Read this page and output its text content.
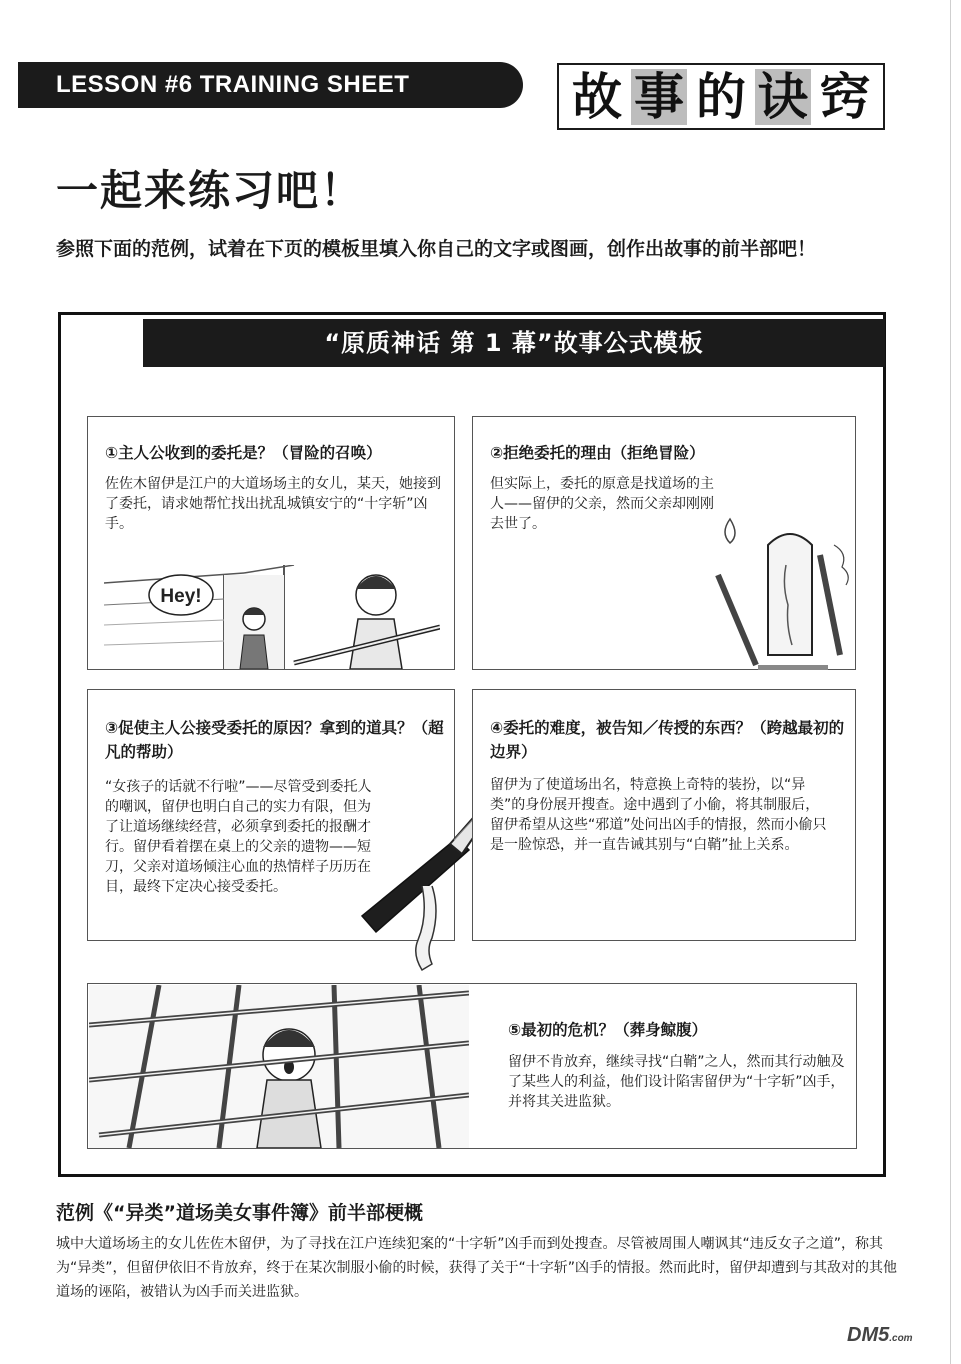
LESSON #6 TRAINING SHEET	故 事 的 诀 窍
一起来练习吧！
参照下面的范例，试着在下页的模板里填入你自己的文字或图画，创作出故事的前半部吧！
“原质神话 第 1 幕”故事公式模板
①主人公收到的委托是？（冒险的召唤）
佐佐木留伊是江户的大道场场主的女儿，某天，她接到了委托，请求她帮忙找出扰乱城镇安宁的“十字斩”凶手。
Hey!
②拒绝委托的理由（拒绝冒险）
但实际上，委托的原意是找道场的主人——留伊的父亲，然而父亲却刚刚去世了。
③促使主人公接受委托的原因？拿到的道具？（超凡的帮助）
“女孩子的话就不行啦”——尽管受到委托人的嘲讽，留伊也明白自己的实力有限，但为了让道场继续经营，必须拿到委托的报酬才行。留伊看着摆在桌上的父亲的遗物——短刀，父亲对道场倾注心血的热情样子历历在目，最终下定决心接受委托。
④委托的难度，被告知／传授的东西？（跨越最初的边界）
留伊为了使道场出名，特意换上奇特的装扮，以“异类”的身份展开搜查。途中遇到了小偷，将其制服后，留伊希望从这些“邪道”处问出凶手的情报，然而小偷只是一脸惊恐，并一直告诫其别与“白鞘”扯上关系。
⑤最初的危机？（葬身鲸腹）
留伊不肯放弃，继续寻找“白鞘”之人，然而其行动触及了某些人的利益，他们设计陷害留伊为“十字斩”凶手，并将其关进监狱。
范例《“异类”道场美女事件簿》前半部梗概
城中大道场场主的女儿佐佐木留伊，为了寻找在江户连续犯案的“十字斩”凶手而到处搜查。尽管被周围人嘲讽其“违反女子之道”，称其为“异类”，但留伊依旧不肯放弃，终于在某次制服小偷的时候，获得了关于“十字斩”凶手的情报。然而此时，留伊却遭到与其敌对的其他道场的诬陷，被错认为凶手而关进监狱。
DM5.com
